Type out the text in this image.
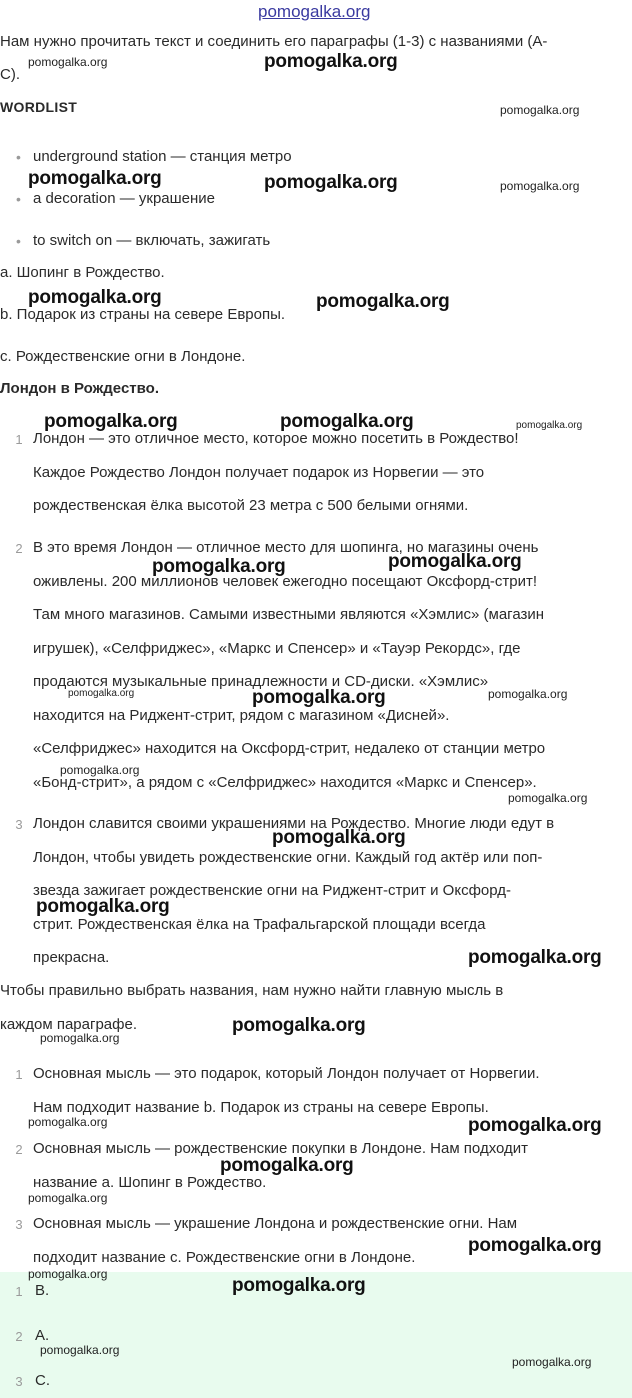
pomogalka.org
Нам нужно прочитать текст и соединить его параграфы (1-3) с названиями (А-
С).
WORDLIST
• underground station — станция метро
• a decoration — украшение
• to switch on — включать, зажигать
a. Шопинг в Рождество.
b. Подарок из страны на севере Европы.
c. Рождественские огни в Лондоне.
Лондон в Рождество.
1 Лондон — это отличное место, которое можно посетить в Рождество!
Каждое Рождество Лондон получает подарок из Норвегии — это
рождественская ёлка высотой 23 метра с 500 белыми огнями.
2 В это время Лондон — отличное место для шопинга, но магазины очень
оживлены. 200 миллионов человек ежегодно посещают Оксфорд-стрит!
Там много магазинов. Самыми известными являются «Хэмлис» (магазин
игрушек), «Селфриджес», «Маркс и Спенсер» и «Тауэр Рекордс», где
продаются музыкальные принадлежности и CD-диски. «Хэмлис»
находится на Риджент-стрит, рядом с магазином «Дисней».
«Селфриджес» находится на Оксфорд-стрит, недалеко от станции метро
«Бонд-стрит», а рядом с «Селфриджес» находится «Маркс и Спенсер».
3 Лондон славится своими украшениями на Рождество. Многие люди едут в
Лондон, чтобы увидеть рождественские огни. Каждый год актёр или поп-
звезда зажигает рождественские огни на Риджент-стрит и Оксфорд-
стрит. Рождественская ёлка на Трафальгарской площади всегда
прекрасна.
Чтобы правильно выбрать названия, нам нужно найти главную мысль в
каждом параграфе.
1 Основная мысль — это подарок, который Лондон получает от Норвегии.
Нам подходит название b. Подарок из страны на севере Европы.
2 Основная мысль — рождественские покупки в Лондоне. Нам подходит
название а. Шопинг в Рождество.
3 Основная мысль — украшение Лондона и рождественские огни. Нам
подходит название с. Рождественские огни в Лондоне.
1 B.
2 A.
3 C.
pomogalka.org	pomogalka.org
pomogalka.org
pomogalka.org	pomogalka.org	pomogalka.org
pomogalka.org	pomogalka.org
pomogalka.org	pomogalka.org	pomogalka.org
pomogalka.org	pomogalka.org
pomogalka.org	pomogalka.org	pomogalka.org
pomogalka.org
pomogalka.org
pomogalka.org
pomogalka.org
pomogalka.org
pomogalka.org
pomogalka.org
pomogalka.org	pomogalka.org
pomogalka.org
pomogalka.org
pomogalka.org
pomogalka.org
pomogalka.org
pomogalka.org
pomogalka.org
